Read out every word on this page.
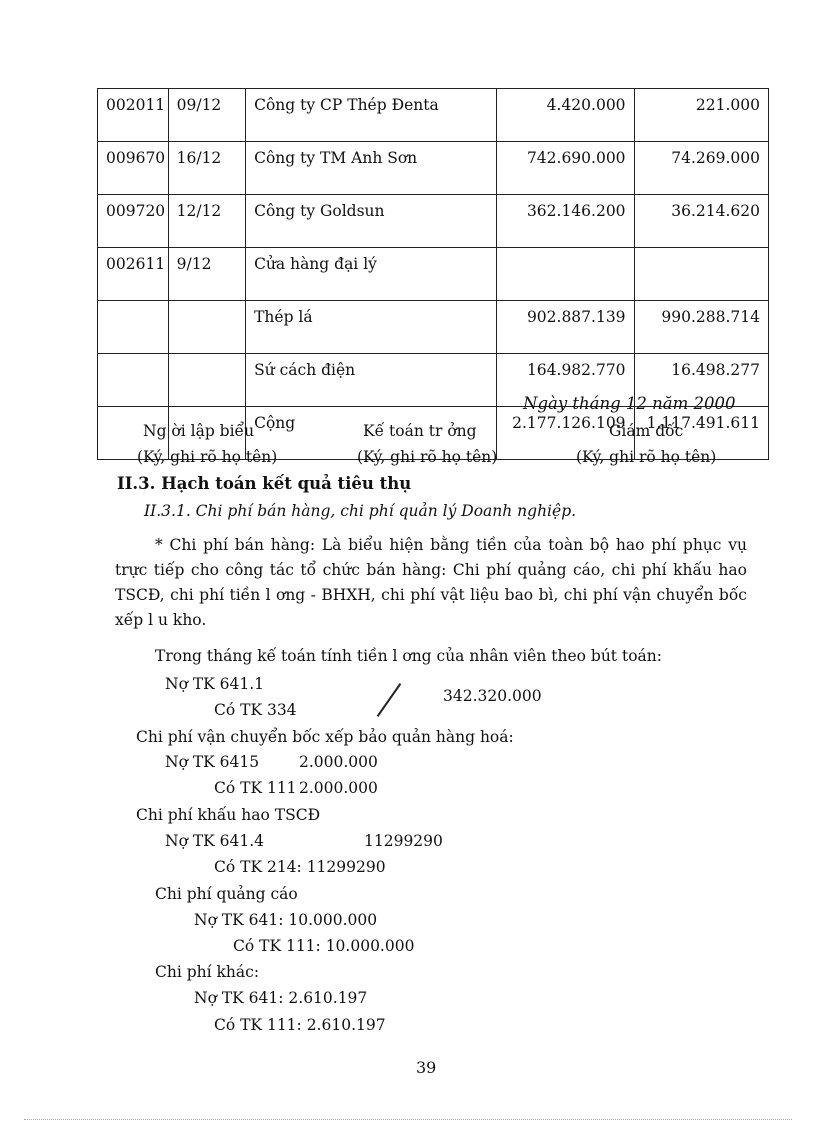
002011	09/12	Công ty CP Thép Đenta	4.420.000	221.000
009670	16/12	Công ty TM Anh Sơn	742.690.000	74.269.000
009720	12/12	Công ty Goldsun	362.146.200	36.214.620
002611	9/12	Cửa hàng đại lý		
		Thép lá	902.887.139	990.288.714
		Sứ cách điện	164.982.770	16.498.277
		Cộng	2.177.126.109	1.117.491.611
Ngày tháng 12 năm 2000
Ng ời lập biểu	Kế toán tr ởng	Giám đốc
(Ký, ghi rõ họ tên)	(Ký, ghi rõ họ tên)	(Ký, ghi rõ họ tên)
II.3. Hạch toán kết quả tiêu thụ
II.3.1. Chi phí bán hàng, chi phí quản lý Doanh nghiệp.
* Chi phí bán hàng: Là biểu hiện bằng tiền của toàn bộ hao phí phục vụ trực tiếp cho công tác tổ chức bán hàng: Chi phí quảng cáo, chi phí khấu hao TSCĐ, chi phí tiền l ơng - BHXH, chi phí vật liệu bao bì, chi phí vận chuyển bốc xếp l u kho.
Trong tháng kế toán tính tiền l ơng của nhân viên theo bút toán:
Nợ TK 641.1
Có TK 334
342.320.000
Chi phí vận chuyển bốc xếp bảo quản hàng hoá:
Nợ TK 6415	2.000.000
Có TK 111 2.000.000
Chi phí khấu hao TSCĐ
Nợ TK 641.4	11299290
Có TK 214: 11299290
Chi phí quảng cáo
Nợ TK 641: 10.000.000
Có TK 111: 10.000.000
Chi phí khác:
Nợ TK 641: 2.610.197
Có TK 111: 2.610.197
39
